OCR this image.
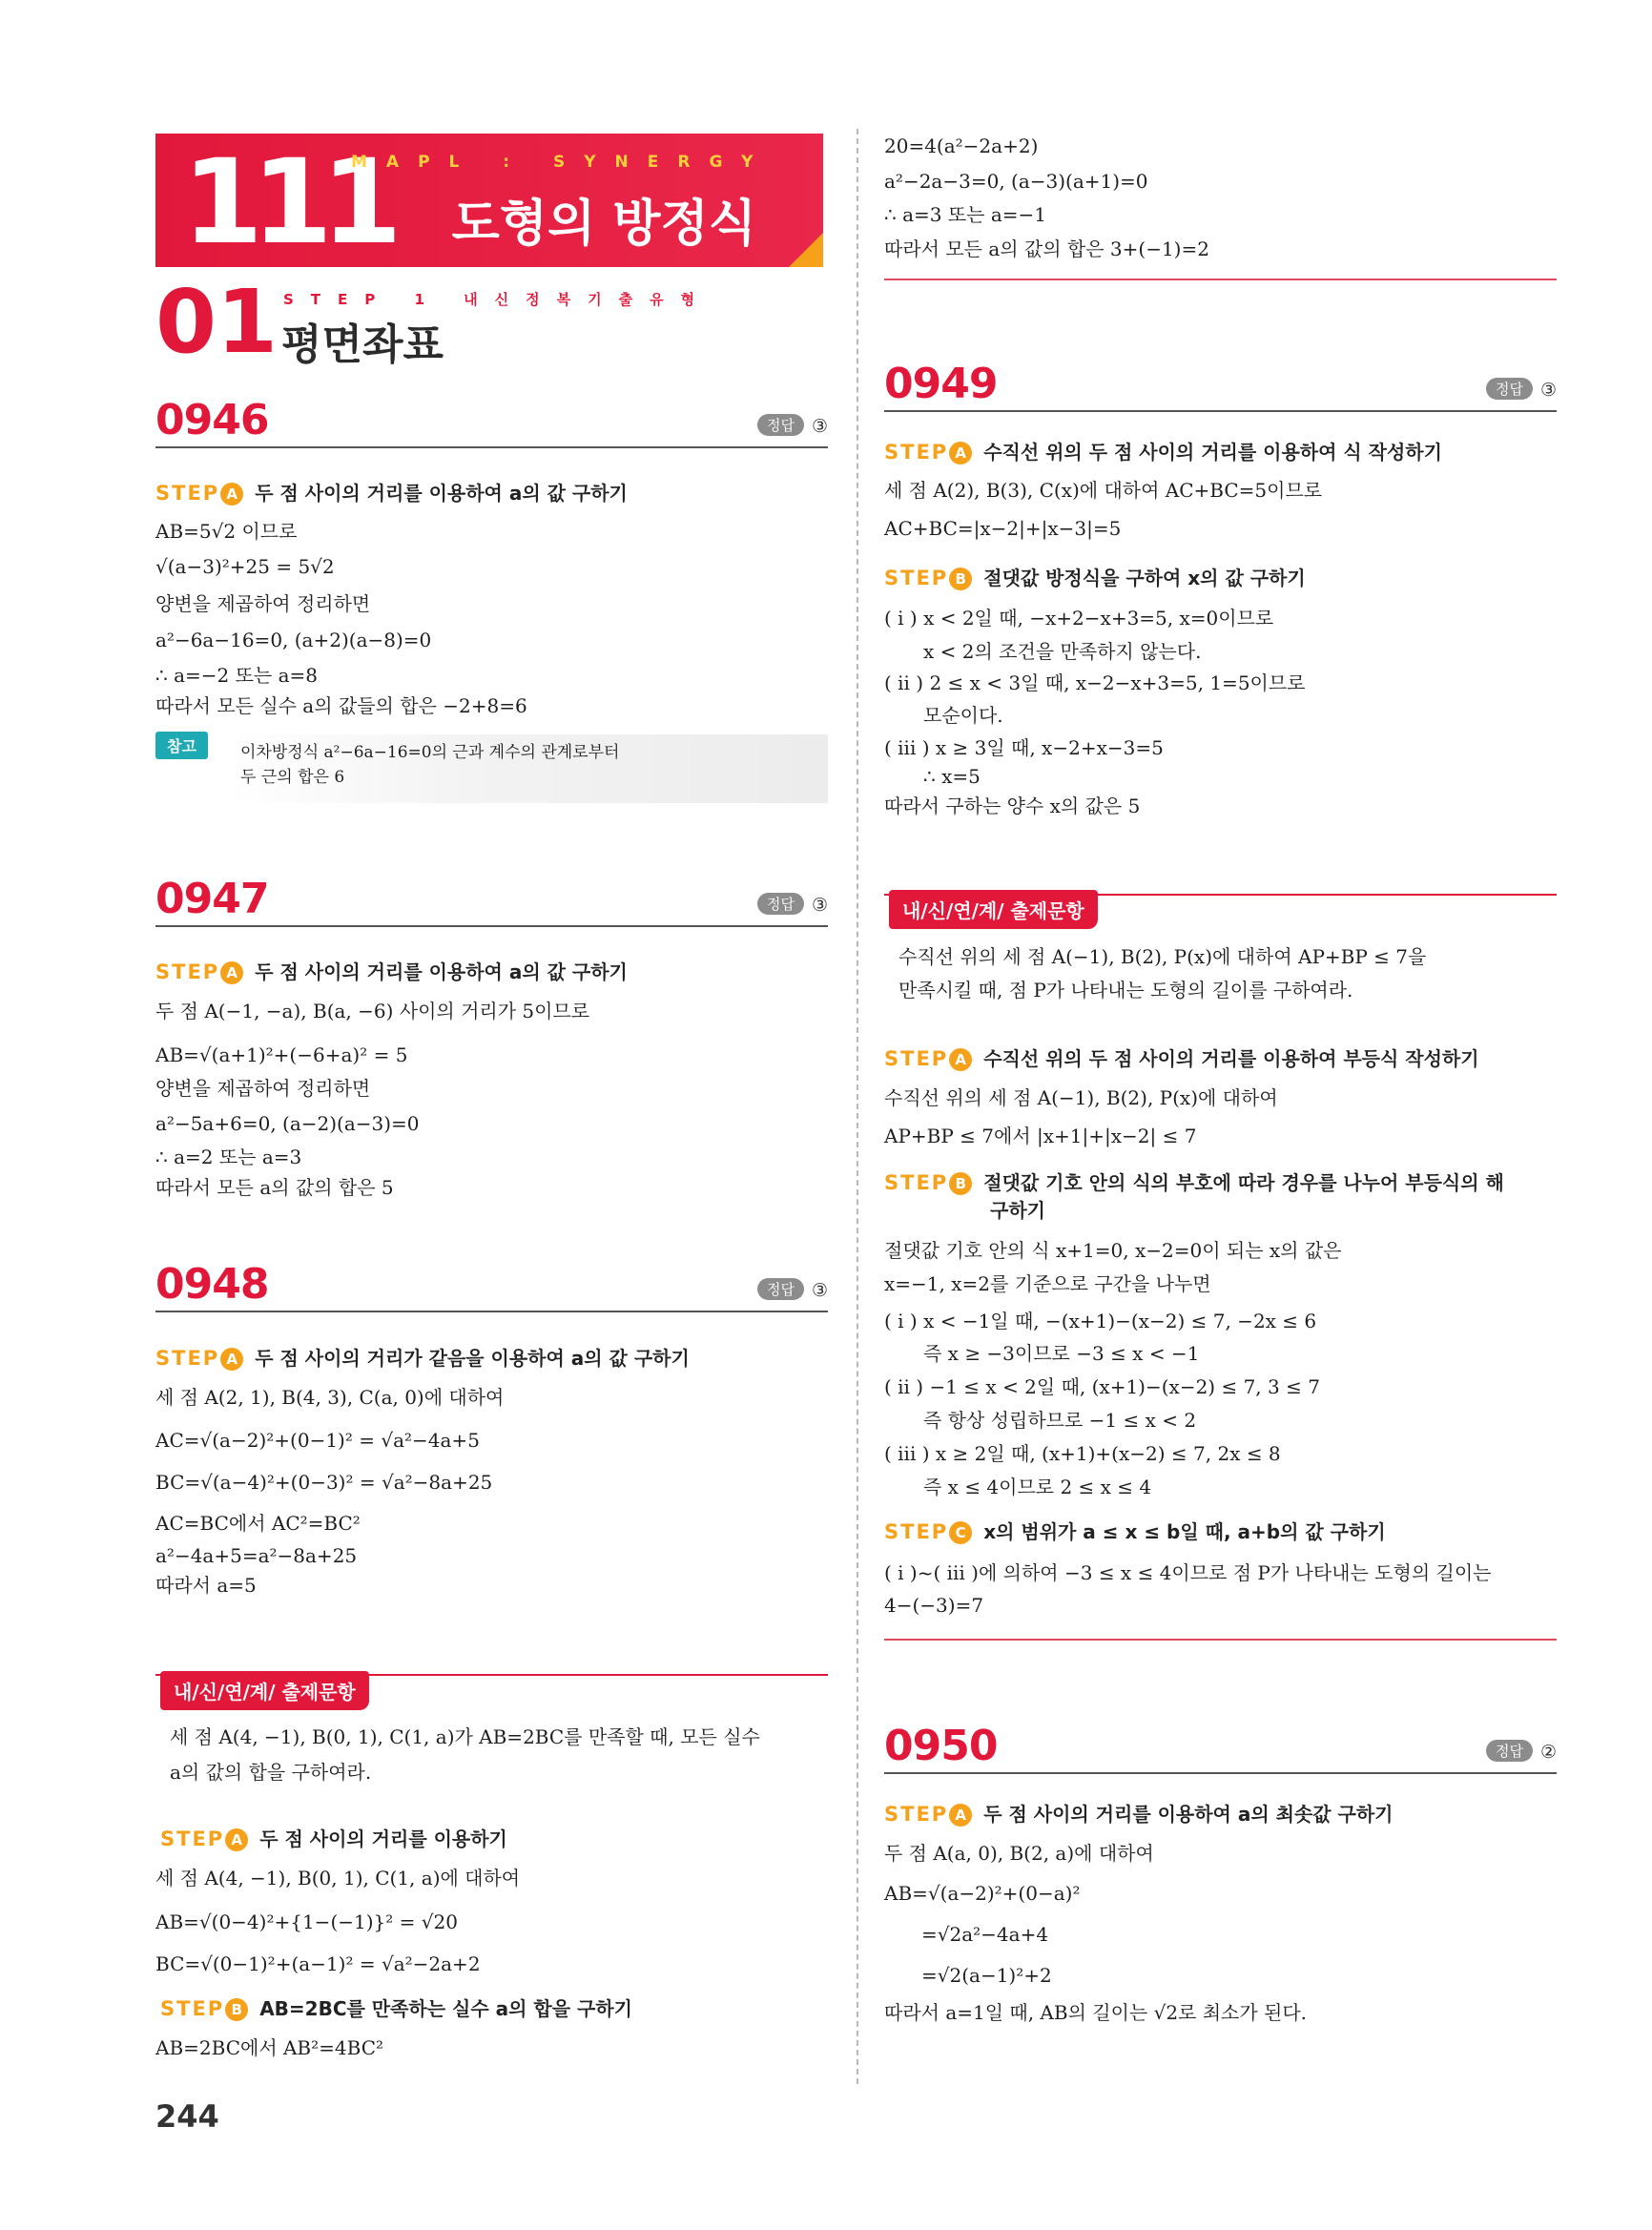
111
MAPL : SYNERGY
도형의 방정식
01 STEP 1 내신정복기출유형
평면좌표
0946	정답 ③
STEP A 두 점 사이의 거리를 이용하여 a의 값 구하기
AB=5√2 이므로
√(a−3)²+25 = 5√2
양변을 제곱하여 정리하면
a²−6a−16=0, (a+2)(a−8)=0
∴ a=−2 또는 a=8
따라서 모든 실수 a의 값들의 합은 −2+8=6
참고	이차방정식 a²−6a−16=0의 근과 계수의 관계로부터
두 근의 합은 6
0947	정답 ③
STEP A 두 점 사이의 거리를 이용하여 a의 값 구하기
두 점 A(−1, −a), B(a, −6) 사이의 거리가 5이므로
AB=√(a+1)²+(−6+a)² = 5
양변을 제곱하여 정리하면
a²−5a+6=0, (a−2)(a−3)=0
∴ a=2 또는 a=3
따라서 모든 a의 값의 합은 5
0948	정답 ③
STEP A 두 점 사이의 거리가 같음을 이용하여 a의 값 구하기
세 점 A(2, 1), B(4, 3), C(a, 0)에 대하여
AC=√(a−2)²+(0−1)² = √a²−4a+5
BC=√(a−4)²+(0−3)² = √a²−8a+25
AC=BC에서 AC²=BC²
a²−4a+5=a²−8a+25
따라서 a=5
내/신/연/계/ 출제문항
세 점 A(4, −1), B(0, 1), C(1, a)가 AB=2BC를 만족할 때, 모든 실수
a의 값의 합을 구하여라.
STEP A 두 점 사이의 거리를 이용하기
세 점 A(4, −1), B(0, 1), C(1, a)에 대하여
AB=√(0−4)²+{1−(−1)}² = √20
BC=√(0−1)²+(a−1)² = √a²−2a+2
STEP B AB=2BC를 만족하는 실수 a의 합을 구하기
AB=2BC에서 AB²=4BC²
244
20=4(a²−2a+2)
a²−2a−3=0, (a−3)(a+1)=0
∴ a=3 또는 a=−1
따라서 모든 a의 값의 합은 3+(−1)=2
0949	정답 ③
STEP A 수직선 위의 두 점 사이의 거리를 이용하여 식 작성하기
세 점 A(2), B(3), C(x)에 대하여 AC+BC=5이므로
AC+BC=|x−2|+|x−3|=5
STEP B 절댓값 방정식을 구하여 x의 값 구하기
( i ) x < 2일 때, −x+2−x+3=5, x=0이므로
x < 2의 조건을 만족하지 않는다.
( ii ) 2 ≤ x < 3일 때, x−2−x+3=5, 1=5이므로
모순이다.
( iii ) x ≥ 3일 때, x−2+x−3=5
∴ x=5
따라서 구하는 양수 x의 값은 5
내/신/연/계/ 출제문항
수직선 위의 세 점 A(−1), B(2), P(x)에 대하여 AP+BP ≤ 7을
만족시킬 때, 점 P가 나타내는 도형의 길이를 구하여라.
STEP A 수직선 위의 두 점 사이의 거리를 이용하여 부등식 작성하기
수직선 위의 세 점 A(−1), B(2), P(x)에 대하여
AP+BP ≤ 7에서 |x+1|+|x−2| ≤ 7
STEP B 절댓값 기호 안의 식의 부호에 따라 경우를 나누어 부등식의 해
구하기
절댓값 기호 안의 식 x+1=0, x−2=0이 되는 x의 값은
x=−1, x=2를 기준으로 구간을 나누면
( i ) x < −1일 때, −(x+1)−(x−2) ≤ 7, −2x ≤ 6
즉 x ≥ −3이므로 −3 ≤ x < −1
( ii ) −1 ≤ x < 2일 때, (x+1)−(x−2) ≤ 7, 3 ≤ 7
즉 항상 성립하므로 −1 ≤ x < 2
( iii ) x ≥ 2일 때, (x+1)+(x−2) ≤ 7, 2x ≤ 8
즉 x ≤ 4이므로 2 ≤ x ≤ 4
STEP C x의 범위가 a ≤ x ≤ b일 때, a+b의 값 구하기
( i )~( iii )에 의하여 −3 ≤ x ≤ 4이므로 점 P가 나타내는 도형의 길이는
4−(−3)=7
0950	정답 ②
STEP A 두 점 사이의 거리를 이용하여 a의 최솟값 구하기
두 점 A(a, 0), B(2, a)에 대하여
AB=√(a−2)²+(0−a)²
=√2a²−4a+4
=√2(a−1)²+2
따라서 a=1일 때, AB의 길이는 √2로 최소가 된다.
